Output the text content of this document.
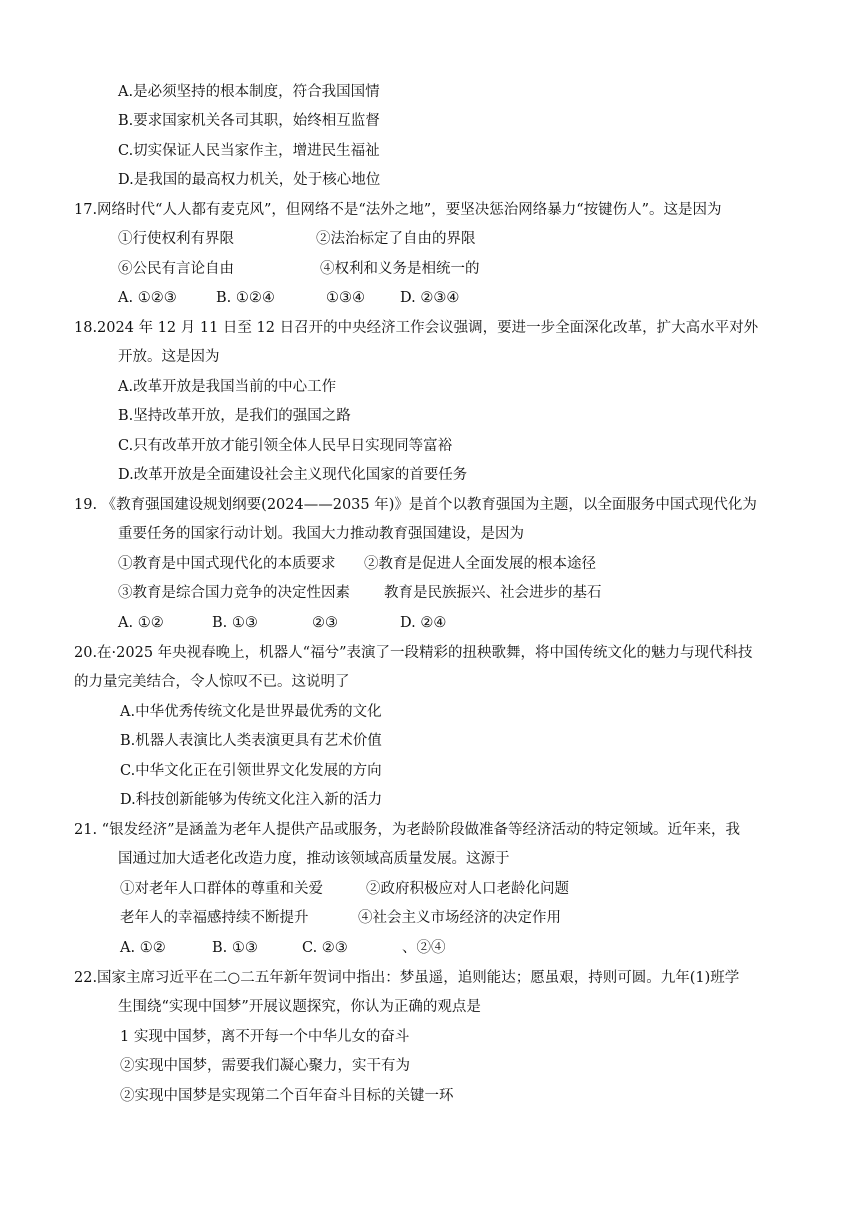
A.是必须坚持的根本制度，符合我国国情
B.要求国家机关各司其职，始终相互监督
C.切实保证人民当家作主，增进民生福祉
D.是我国的最高权力机关，处于核心地位
17.网络时代“人人都有麦克风”，但网络不是“法外之地”，要坚决惩治网络暴力“按键伤人”。这是因为
①行使权利有界限	②法治标定了自由的界限
⑥公民有言论自由	④权利和义务是相统一的
A. ①②③	B. ①②④	①③④ D. ②③④
18.2024 年 12 月 11 日至 12 日召开的中央经济工作会议强调，要进一步全面深化改革，扩大高水平对外
开放。这是因为
A.改革开放是我国当前的中心工作
B.坚持改革开放，是我们的强国之路
C.只有改革开放才能引领全体人民早日实现同等富裕
D.改革开放是全面建设社会主义现代化国家的首要任务
19. 《教育强国建设规划纲要(2024——2035 年)》是首个以教育强国为主题，以全面服务中国式现代化为
重要任务的国家行动计划。我国大力推动教育强国建设，是因为
①教育是中国式现代化的本质要求 ②教育是促进人全面发展的根本途径
③教育是综合国力竞争的决定性因素 教育是民族振兴、社会进步的基石
A. ①②	B. ①③	②③	D. ②④
20.在·2025 年央视春晚上，机器人“福兮”表演了一段精彩的扭秧歌舞，将中国传统文化的魅力与现代科技
的力量完美结合，令人惊叹不已。这说明了
A.中华优秀传统文化是世界最优秀的文化
B.机器人表演比人类表演更具有艺术价值
C.中华文化正在引领世界文化发展的方向
D.科技创新能够为传统文化注入新的活力
21. “银发经济”是涵盖为老年人提供产品或服务，为老龄阶段做准备等经济活动的特定领域。近年来，我
国通过加大适老化改造力度，推动该领域高质量发展。这源于
①对老年人口群体的尊重和关爱	②政府积极应对人口老龄化问题
老年人的幸福感持续不断提升	④社会主义市场经济的决定作用
A. ①②	B. ①③	C. ②③	、②④
22.国家主席习近平在二○二五年新年贺词中指出：梦虽遥，追则能达；愿虽艰，持则可圆。九年(1)班学
生围绕“实现中国梦”开展议题探究，你认为正确的观点是
1 实现中国梦，离不开每一个中华儿女的奋斗
②实现中国梦，需要我们凝心聚力，实干有为
②实现中国梦是实现第二个百年奋斗目标的关键一环
